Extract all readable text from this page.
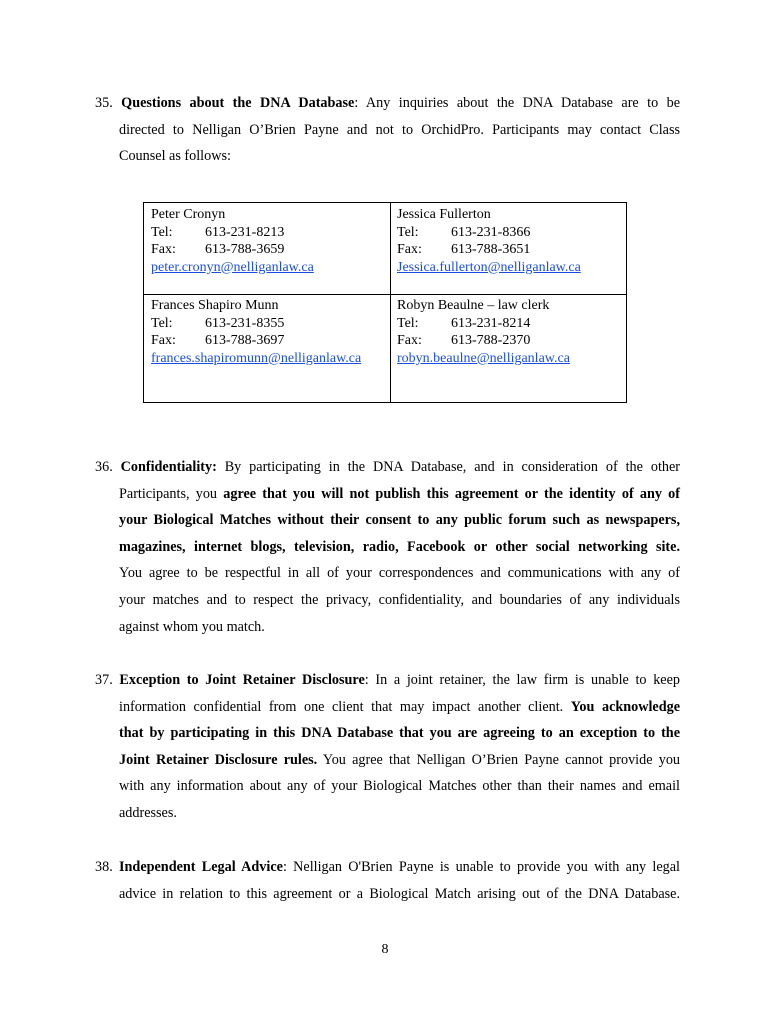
35. Questions about the DNA Database: Any inquiries about the DNA Database are to be
directed to Nelligan O’Brien Payne and not to OrchidPro. Participants may contact Class
Counsel as follows:
Peter Cronyn
Tel: 613-231-8213
Fax: 613-788-3659
peter.cronyn@nelliganlaw.ca
Jessica Fullerton
Tel: 613-231-8366
Fax: 613-788-3651
Jessica.fullerton@nelliganlaw.ca
Frances Shapiro Munn
Tel: 613-231-8355
Fax: 613-788-3697
frances.shapiromunn@nelliganlaw.ca
Robyn Beaulne – law clerk
Tel: 613-231-8214
Fax: 613-788-2370
robyn.beaulne@nelliganlaw.ca
36. Confidentiality: By participating in the DNA Database, and in consideration of the other
Participants, you agree that you will not publish this agreement or the identity of any of
your Biological Matches without their consent to any public forum such as newspapers,
magazines, internet blogs, television, radio, Facebook or other social networking site.
You agree to be respectful in all of your correspondences and communications with any of
your matches and to respect the privacy, confidentiality, and boundaries of any individuals
against whom you match.
37. Exception to Joint Retainer Disclosure: In a joint retainer, the law firm is unable to keep
information confidential from one client that may impact another client. You acknowledge
that by participating in this DNA Database that you are agreeing to an exception to the
Joint Retainer Disclosure rules. You agree that Nelligan O’Brien Payne cannot provide you
with any information about any of your Biological Matches other than their names and email
addresses.
38. Independent Legal Advice: Nelligan O'Brien Payne is unable to provide you with any legal
advice in relation to this agreement or a Biological Match arising out of the DNA Database.
8
